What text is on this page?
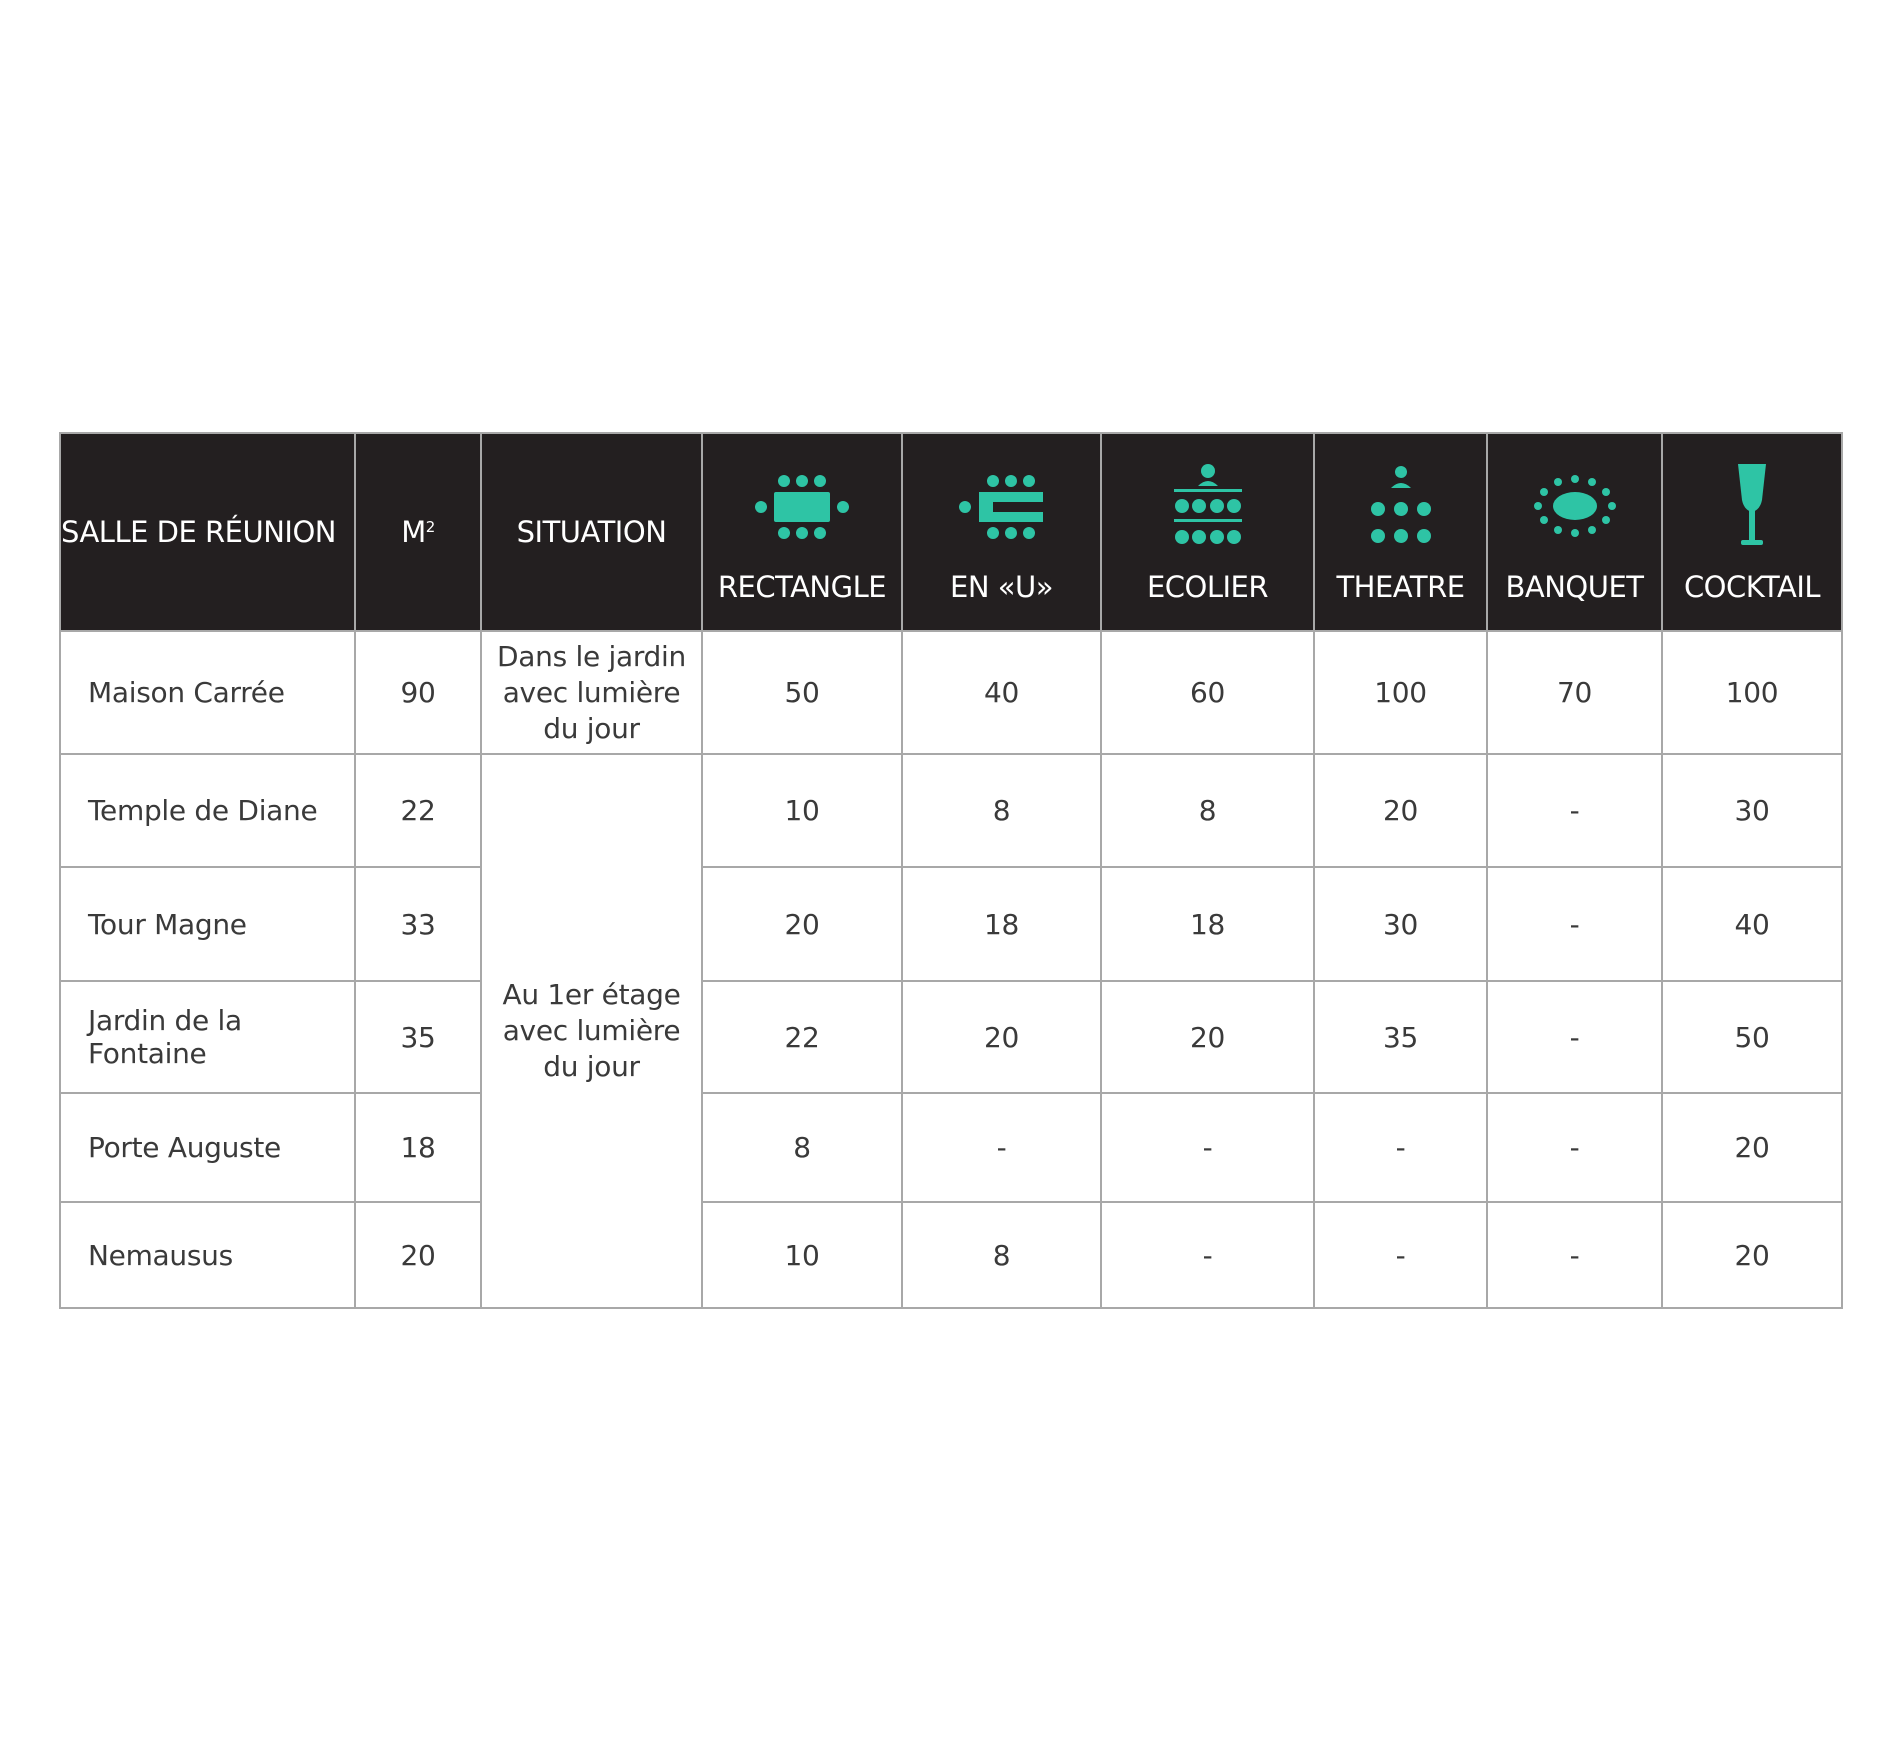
SALLE DE RÉUNION	$M^2$	SITUATION	RECTANGLE	EN «U»	ECOLIER	THEATRE	BANQUET	COCKTAIL

Maison Carrée	90	Dans le jardin avec lumière du jour	50	40	60	100	70	100
Temple de Diane	22	Au 1er étage avec lumière du jour	10	8	8	20	-	30
Tour Magne	33		20	18	18	30	-	40
Jardin de la Fontaine	35		22	20	20	35	-	50
Porte Auguste	18		8	-	-	-	-	20
Nemausus	20		10	8	-	-	-	20
